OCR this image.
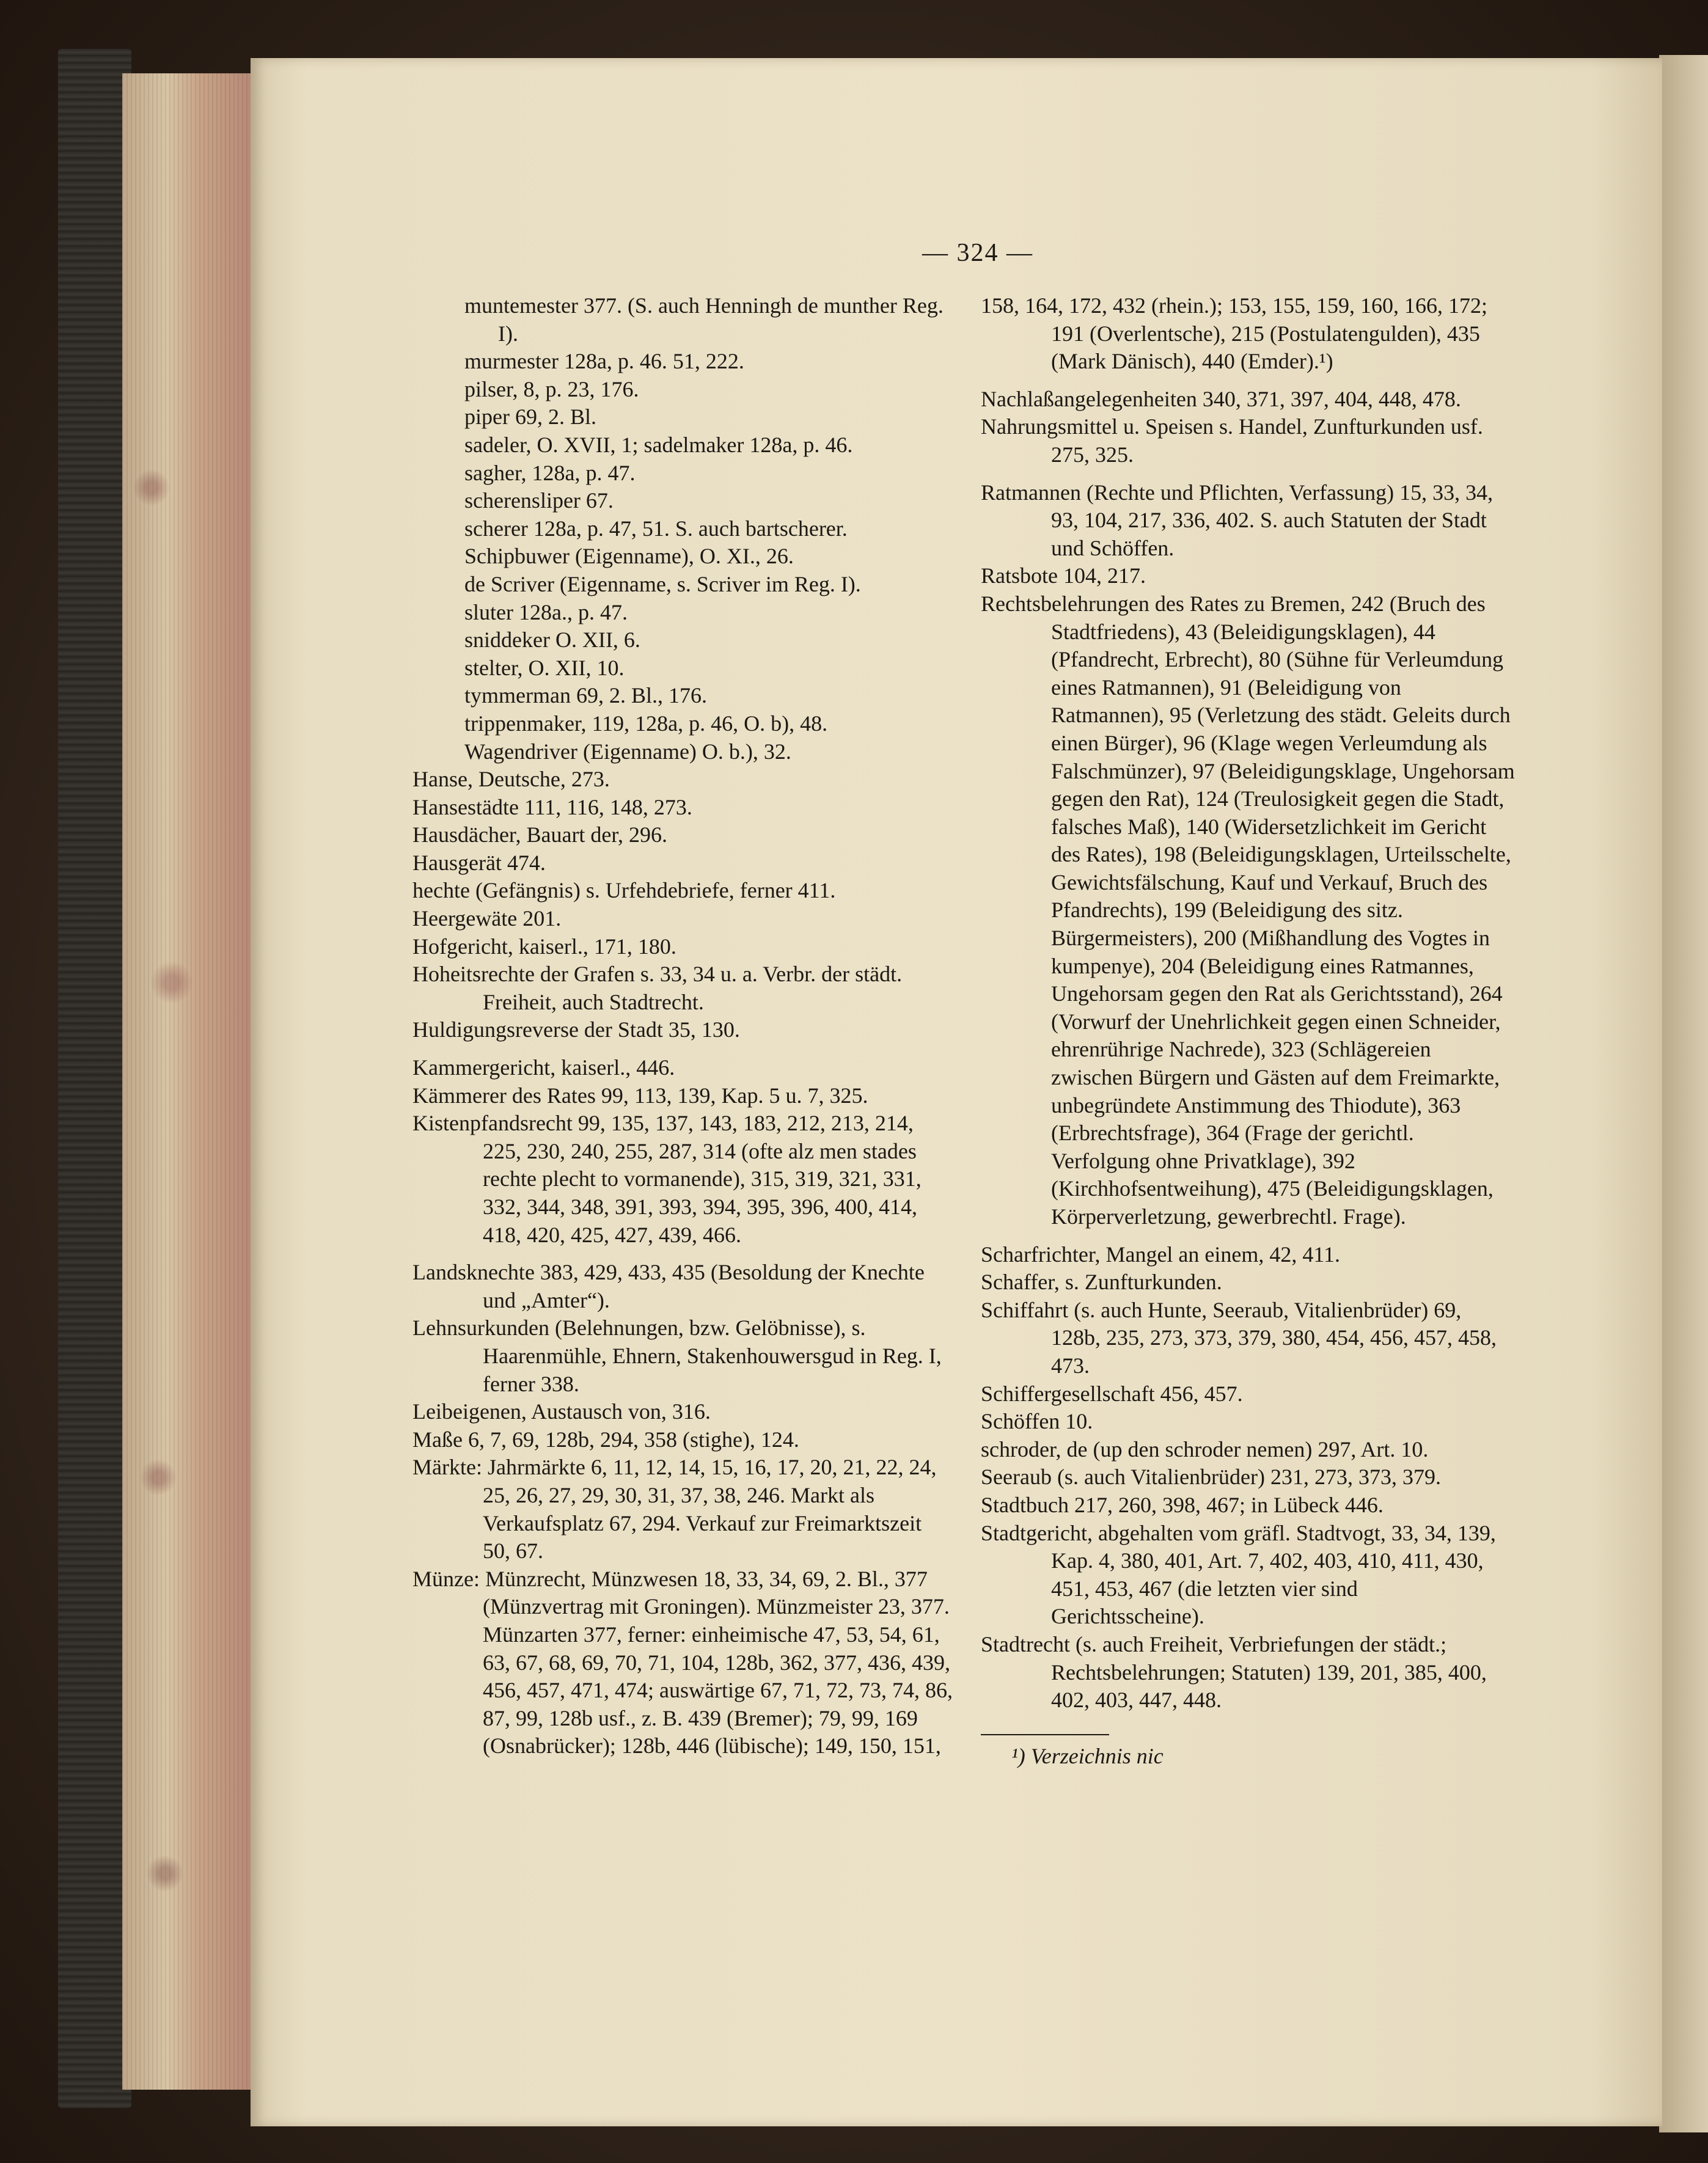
— 324 —

muntemester 377. (S. auch Henningh de munther Reg. I).

murmester 128a, p. 46. 51, 222.

pilser, 8, p. 23, 176.

piper 69, 2. Bl.

sadeler, O. XVII, 1; sadelmaker 128a, p. 46.

sagher, 128a, p. 47.

scherensliper 67.

scherer 128a, p. 47, 51. S. auch bartscherer.

Schipbuwer (Eigenname), O. XI., 26.

de Scriver (Eigenname, s. Scriver im Reg. I).

sluter 128a., p. 47.

sniddeker O. XII, 6.

stelter, O. XII, 10.

tymmerman 69, 2. Bl., 176.

trippenmaker, 119, 128a, p. 46, O. b), 48.

Wagendriver (Eigenname) O. b.), 32.

Hanse, Deutsche, 273.

Hansestädte 111, 116, 148, 273.

Hausdächer, Bauart der, 296.

Hausgerät 474.

hechte (Gefängnis) s. Urfehdebriefe, ferner 411.

Heergewäte 201.

Hofgericht, kaiserl., 171, 180.

Hoheitsrechte der Grafen s. 33, 34 u. a. Verbr. der städt. Freiheit, auch Stadtrecht.

Huldigungsreverse der Stadt 35, 130.

Kammergericht, kaiserl., 446.

Kämmerer des Rates 99, 113, 139, Kap. 5 u. 7, 325.

Kistenpfandsrecht 99, 135, 137, 143, 183, 212, 213, 214, 225, 230, 240, 255, 287, 314 (ofte alz men stades rechte plecht to vormanende), 315, 319, 321, 331, 332, 344, 348, 391, 393, 394, 395, 396, 400, 414, 418, 420, 425, 427, 439, 466.

Landsknechte 383, 429, 433, 435 (Besoldung der Knechte und „Amter“).

Lehnsurkunden (Belehnungen, bzw. Gelöbnisse), s. Haarenmühle, Ehnern, Stakenhouwersgud in Reg. I, ferner 338.

Leibeigenen, Austausch von, 316.

Maße 6, 7, 69, 128b, 294, 358 (stighe), 124.

Märkte: Jahrmärkte 6, 11, 12, 14, 15, 16, 17, 20, 21, 22, 24, 25, 26, 27, 29, 30, 31, 37, 38, 246. Markt als Verkaufsplatz 67, 294. Verkauf zur Freimarktszeit 50, 67.

Münze: Münzrecht, Münzwesen 18, 33, 34, 69, 2. Bl., 377 (Münzvertrag mit Groningen). Münzmeister 23, 377. Münzarten 377, ferner: einheimische 47, 53, 54, 61, 63, 67, 68, 69, 70, 71, 104, 128b, 362, 377, 436, 439, 456, 457, 471, 474; auswärtige 67, 71, 72, 73, 74, 86, 87, 99, 128b usf., z. B. 439 (Bremer); 79, 99, 169 (Osnabrücker); 128b, 446 (lübische); 149, 150, 151,

158, 164, 172, 432 (rhein.); 153, 155, 159, 160, 166, 172; 191 (Overlentsche), 215 (Postulatengulden), 435 (Mark Dänisch), 440 (Emder).¹)

Nachlaßangelegenheiten 340, 371, 397, 404, 448, 478.

Nahrungsmittel u. Speisen s. Handel, Zunfturkunden usf. 275, 325.

Ratmannen (Rechte und Pflichten, Verfassung) 15, 33, 34, 93, 104, 217, 336, 402. S. auch Statuten der Stadt und Schöffen.

Ratsbote 104, 217.

Rechtsbelehrungen des Rates zu Bremen, 242 (Bruch des Stadtfriedens), 43 (Beleidigungsklagen), 44 (Pfandrecht, Erbrecht), 80 (Sühne für Verleumdung eines Ratmannen), 91 (Beleidigung von Ratmannen), 95 (Verletzung des städt. Geleits durch einen Bürger), 96 (Klage wegen Verleumdung als Falschmünzer), 97 (Beleidigungsklage, Ungehorsam gegen den Rat), 124 (Treulosigkeit gegen die Stadt, falsches Maß), 140 (Widersetzlichkeit im Gericht des Rates), 198 (Beleidigungsklagen, Urteilsschelte, Gewichtsfälschung, Kauf und Verkauf, Bruch des Pfandrechts), 199 (Beleidigung des sitz. Bürgermeisters), 200 (Mißhandlung des Vogtes in kumpenye), 204 (Beleidigung eines Ratmannes, Ungehorsam gegen den Rat als Gerichtsstand), 264 (Vorwurf der Unehrlichkeit gegen einen Schneider, ehrenrührige Nachrede), 323 (Schlägereien zwischen Bürgern und Gästen auf dem Freimarkte, unbegründete Anstimmung des Thiodute), 363 (Erbrechtsfrage), 364 (Frage der gerichtl. Verfolgung ohne Privatklage), 392 (Kirchhofsentweihung), 475 (Beleidigungsklagen, Körperverletzung, gewerbrechtl. Frage).

Scharfrichter, Mangel an einem, 42, 411.

Schaffer, s. Zunfturkunden.

Schiffahrt (s. auch Hunte, Seeraub, Vitalienbrüder) 69, 128b, 235, 273, 373, 379, 380, 454, 456, 457, 458, 473.

Schiffergesellschaft 456, 457.

Schöffen 10.

schroder, de (up den schroder nemen) 297, Art. 10.

Seeraub (s. auch Vitalienbrüder) 231, 273, 373, 379.

Stadtbuch 217, 260, 398, 467; in Lübeck 446.

Stadtgericht, abgehalten vom gräfl. Stadtvogt, 33, 34, 139, Kap. 4, 380, 401, Art. 7, 402, 403, 410, 411, 430, 451, 453, 467 (die letzten vier sind Gerichtsscheine).

Stadtrecht (s. auch Freiheit, Verbriefungen der städt.; Rechtsbelehrungen; Statuten) 139, 201, 385, 400, 402, 403, 447, 448.

¹) Verzeichnis nic
